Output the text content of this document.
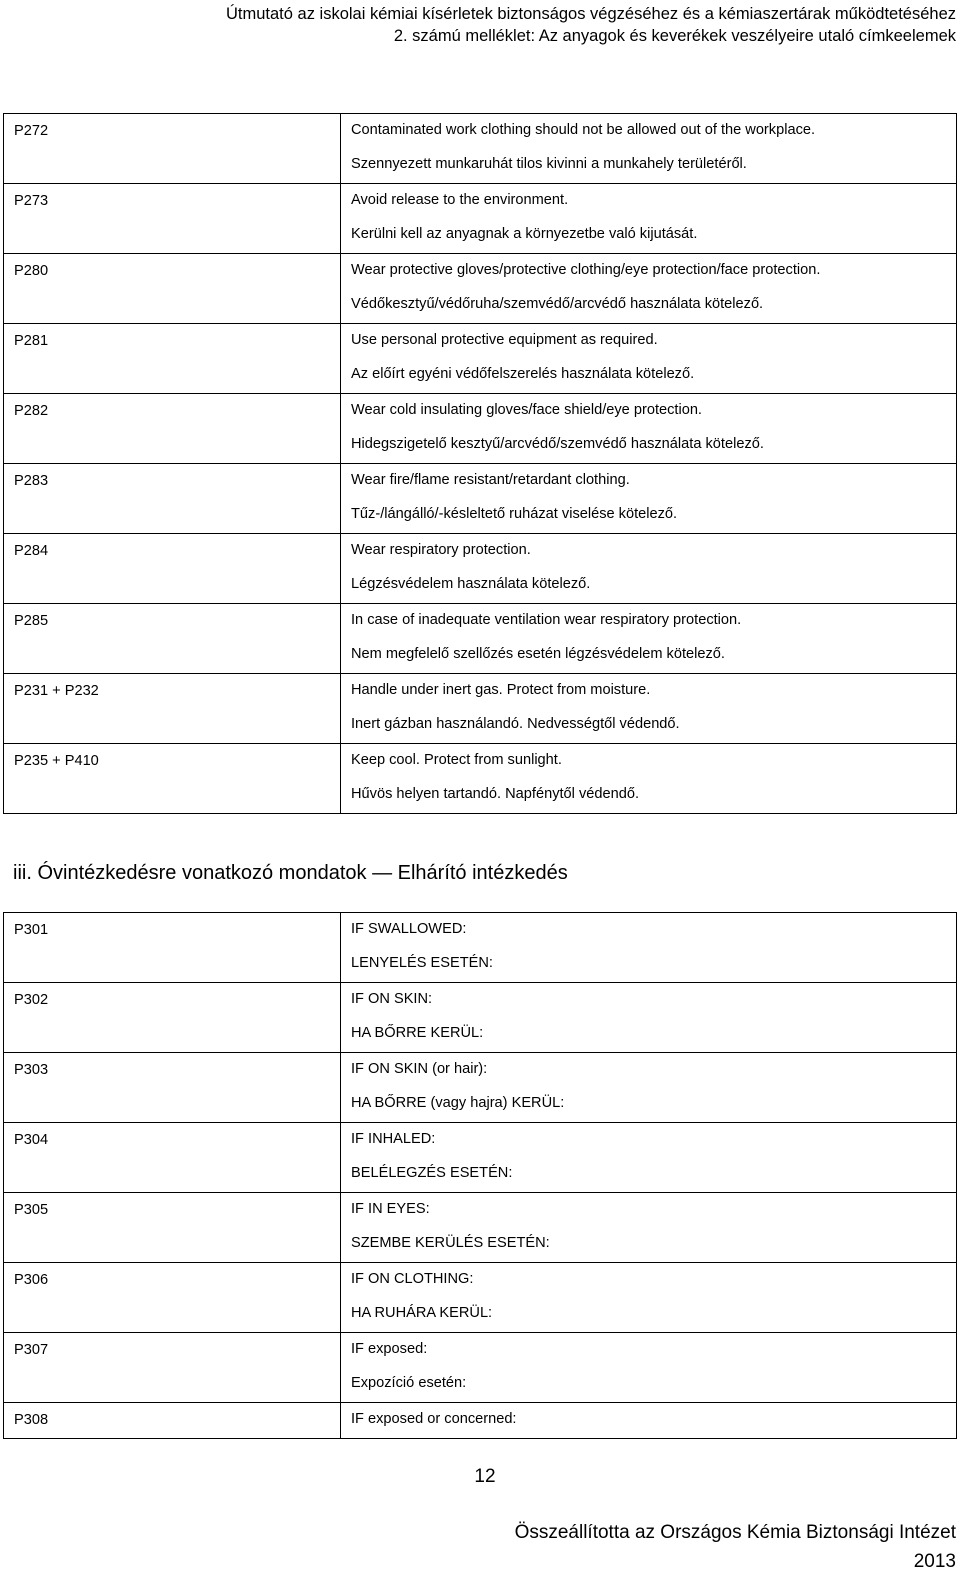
Útmutató az iskolai kémiai kísérletek biztonságos végzéséhez és a kémiaszertárak működtetéséhez
2. számú melléklet: Az anyagok és keverékek veszélyeire utaló címkeelemek
P272	Contaminated work clothing should not be allowed out of the workplace.
Szennyezett munkaruhát tilos kivinni a munkahely területéről.

P273	Avoid release to the environment.
Kerülni kell az anyagnak a környezetbe való kijutását.

P280	Wear protective gloves/protective clothing/eye protection/face protection.
Védőkesztyű/védőruha/szemvédő/arcvédő használata kötelező.

P281	Use personal protective equipment as required.
Az előírt egyéni védőfelszerelés használata kötelező.

P282	Wear cold insulating gloves/face shield/eye protection.
Hidegszigetelő kesztyű/arcvédő/szemvédő használata kötelező.

P283	Wear fire/flame resistant/retardant clothing.
Tűz-/lángálló/-késleltető ruházat viselése kötelező.

P284	Wear respiratory protection.
Légzésvédelem használata kötelező.

P285	In case of inadequate ventilation wear respiratory protection.
Nem megfelelő szellőzés esetén légzésvédelem kötelező.

P231 + P232	Handle under inert gas. Protect from moisture.
Inert gázban használandó. Nedvességtől védendő.

P235 + P410	Keep cool. Protect from sunlight.
Hűvös helyen tartandó. Napfénytől védendő.
iii. Óvintézkedésre vonatkozó mondatok — Elhárító intézkedés
P301	IF SWALLOWED:
LENYELÉS ESETÉN:

P302	IF ON SKIN:
HA BŐRRE KERÜL:

P303	IF ON SKIN (or hair):
HA BŐRRE (vagy hajra) KERÜL:

P304	IF INHALED:
BELÉLEGZÉS ESETÉN:

P305	IF IN EYES:
SZEMBE KERÜLÉS ESETÉN:

P306	IF ON CLOTHING:
HA RUHÁRA KERÜL:

P307	IF exposed:
Expozíció esetén:

P308	IF exposed or concerned:
12
Összeállította az Országos Kémia Biztonsági Intézet
2013
